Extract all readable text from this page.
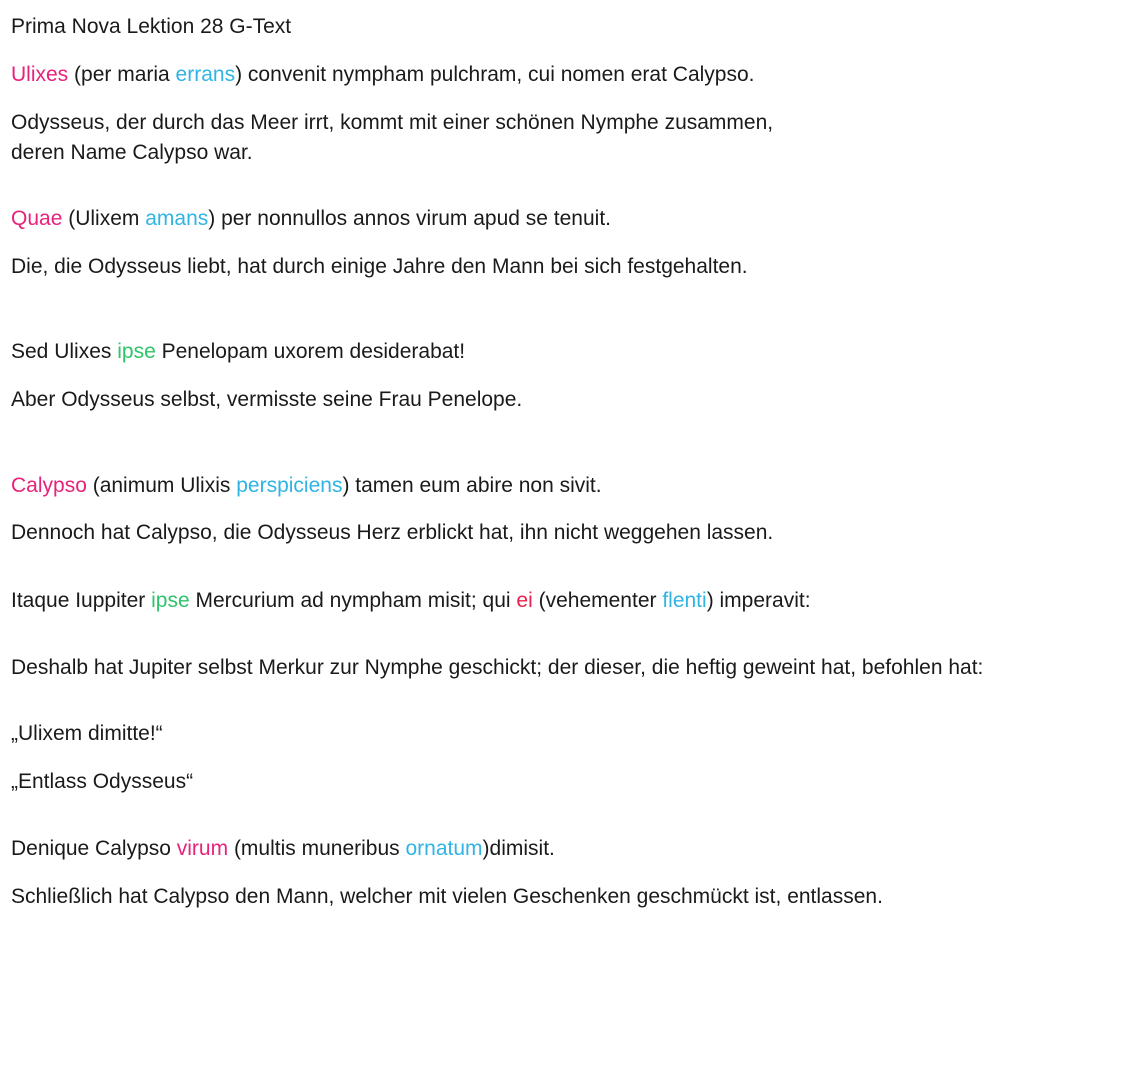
Prima Nova Lektion 28 G-Text

Ulixes (per maria errans) convenit nympham pulchram, cui nomen erat Calypso.

Odysseus, der durch das Meer irrt, kommt mit einer schönen Nymphe zusammen,

deren Name Calypso war.

Quae (Ulixem amans) per nonnullos annos virum apud se tenuit.

Die, die Odysseus liebt, hat durch einige Jahre den Mann bei sich festgehalten.

Sed Ulixes ipse Penelopam uxorem desiderabat!

Aber Odysseus selbst, vermisste seine Frau Penelope.

Calypso (animum Ulixis perspiciens) tamen eum abire non sivit.

Dennoch hat Calypso, die Odysseus Herz erblickt hat, ihn nicht weggehen lassen.

Itaque Iuppiter ipse Mercurium ad nympham misit; qui ei (vehementer flenti) imperavit:

Deshalb hat Jupiter selbst Merkur zur Nymphe geschickt; der dieser, die heftig geweint hat, befohlen hat:

„Ulixem dimitte!“

„Entlass Odysseus“

Denique Calypso virum (multis muneribus ornatum)dimisit.

Schließlich hat Calypso den Mann, welcher mit vielen Geschenken geschmückt ist, entlassen.
